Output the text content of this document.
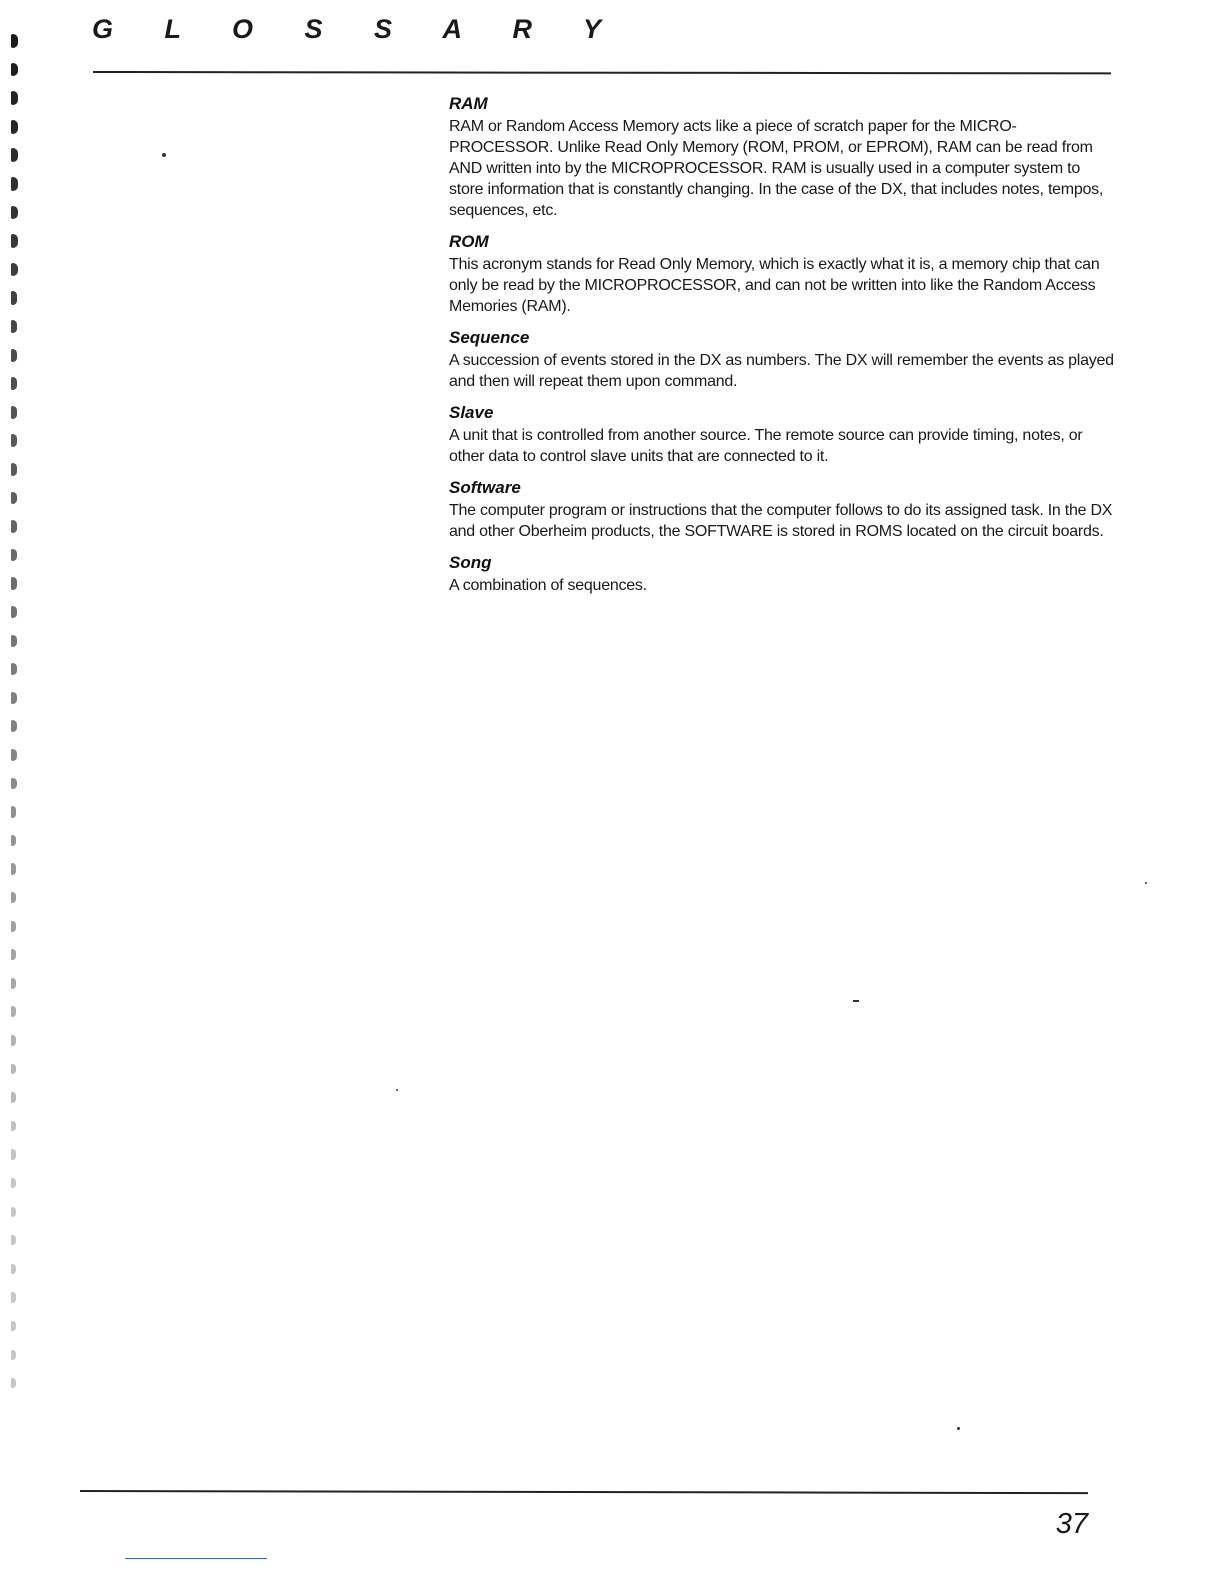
G L O S S A R Y
RAM

RAM or Random Access Memory acts like a piece of scratch paper for the MICRO-PROCESSOR. Unlike Read Only Memory (ROM, PROM, or EPROM), RAM can be read from AND written into by the MICROPROCESSOR. RAM is usually used in a computer system to store information that is constantly changing. In the case of the DX, that includes notes, tempos, sequences, etc.

ROM

This acronym stands for Read Only Memory, which is exactly what it is, a memory chip that can only be read by the MICROPROCESSOR, and can not be written into like the Random Access Memories (RAM).

Sequence

A succession of events stored in the DX as numbers. The DX will remember the events as played and then will repeat them upon command.

Slave

A unit that is controlled from another source. The remote source can provide timing, notes, or other data to control slave units that are connected to it.

Software

The computer program or instructions that the computer follows to do its assigned task. In the DX and other Oberheim products, the SOFTWARE is stored in ROMS located on the circuit boards.

Song

A combination of sequences.

37
